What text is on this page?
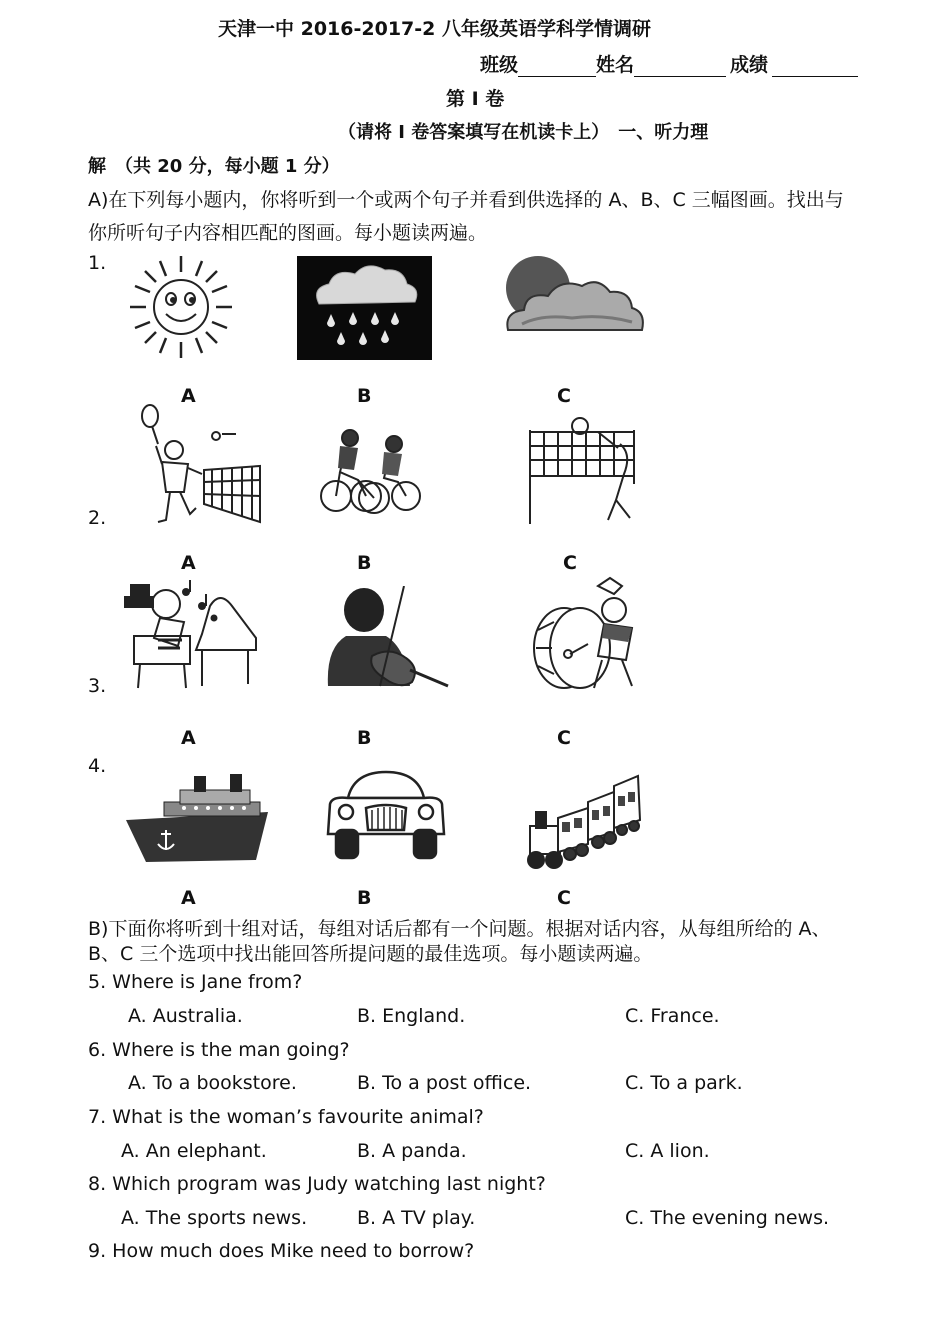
天津一中 2016-2017-2 八年级英语学科学情调研
班级	姓名	成绩
第 I 卷
（请将 I 卷答案填写在机读卡上）　一、听力理
解　（共 20 分，每小题 1 分）
A)在下列每小题内，你将听到一个或两个句子并看到供选择的 A、B、C 三幅图画。找出与
你所听句子内容相匹配的图画。每小题读两遍。
1.
A	B	C
2.
A	B	C
3.
A	B	C
4.
A	B	C
B)下面你将听到十组对话，每组对话后都有一个问题。根据对话内容，从每组所给的 A、
B、C 三个选项中找出能回答所提问题的最佳选项。每小题读两遍。
5. Where is Jane from?
A. Australia.	B. England.	C. France.
6. Where is the man going?
A. To a bookstore.	B. To a post office.	C. To a park.
7. What is the woman’s favourite animal?
A. An elephant.	B. A panda.	C. A lion.
8. Which program was Judy watching last night?
A. The sports news.	B. A TV play.	C. The evening news.
9. How much does Mike need to borrow?
